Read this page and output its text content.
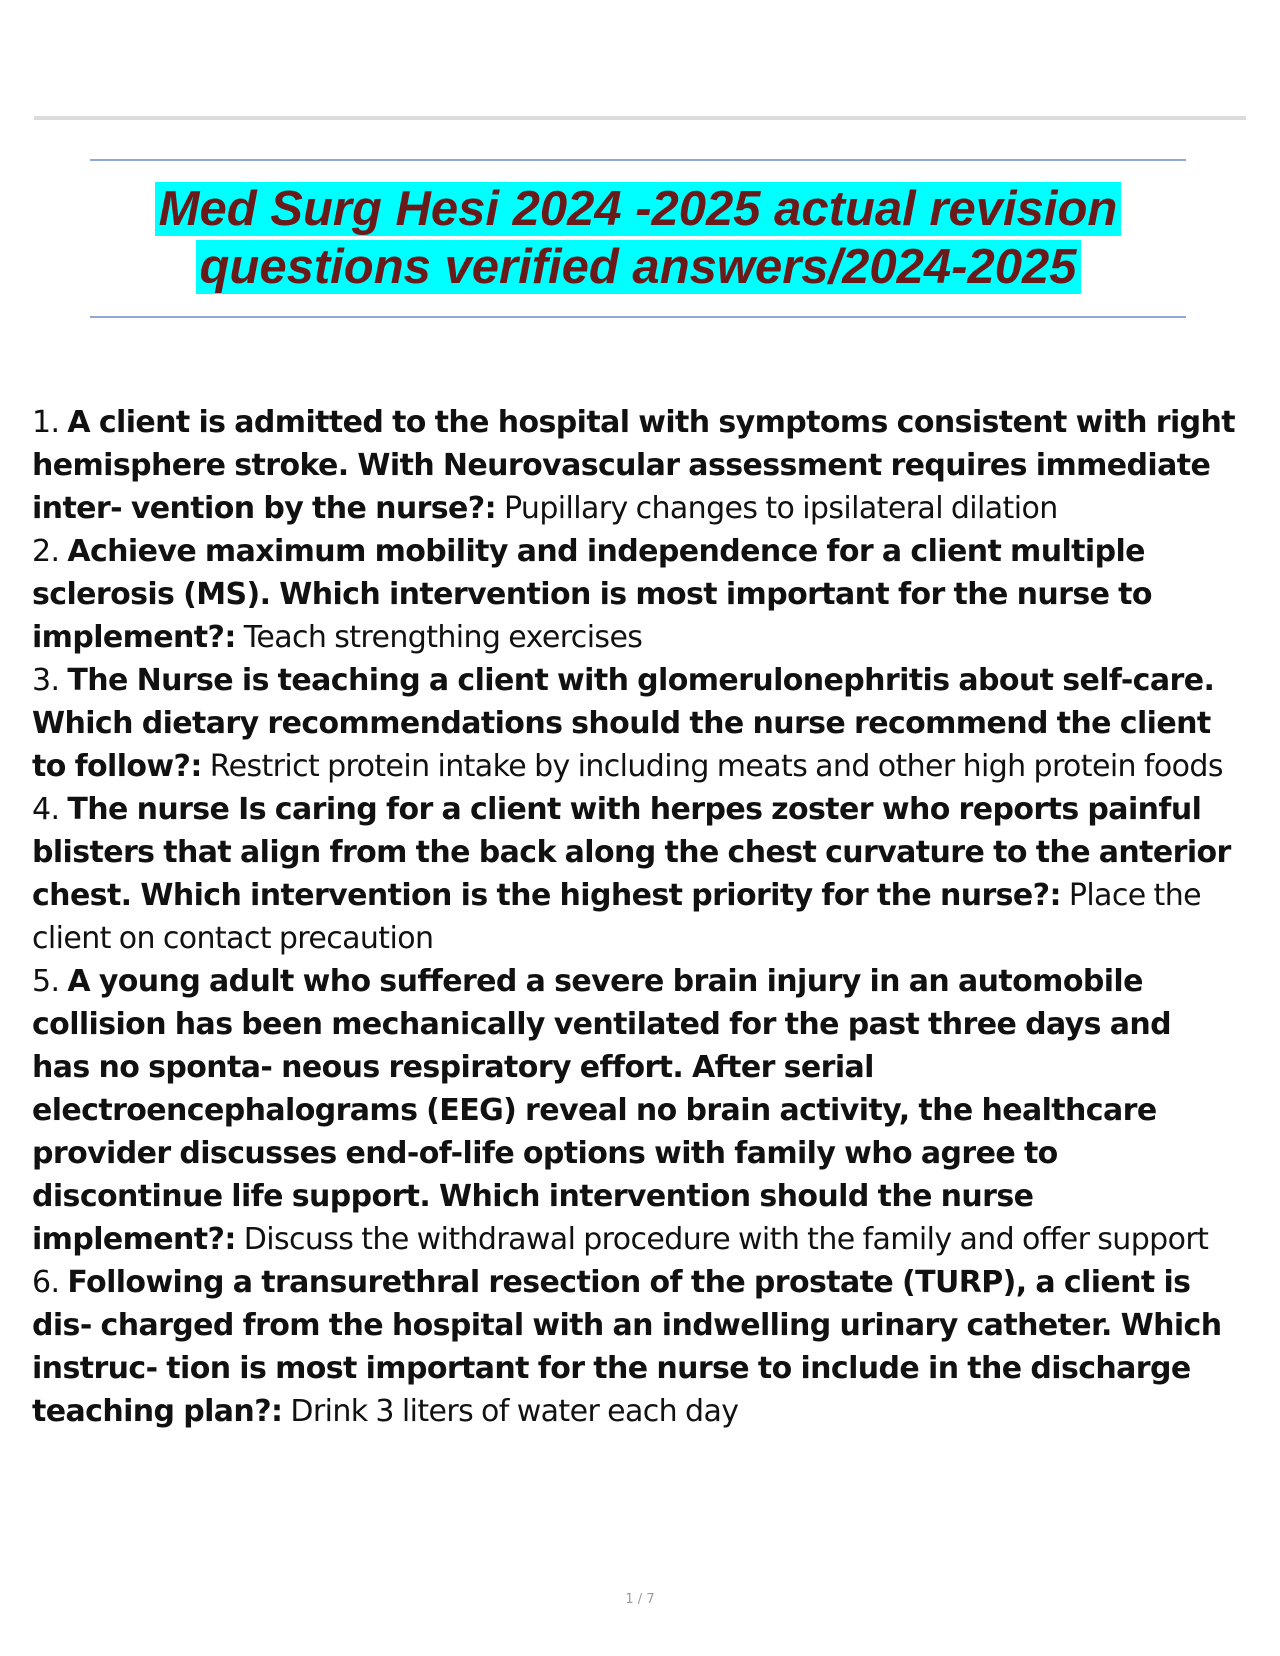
Med Surg Hesi 2024 -2025 actual revision
questions verified answers/2024-2025

1. A client is admitted to the hospital with symptoms consistent with right hemisphere stroke. With Neurovascular assessment requires immediate inter- vention by the nurse?: Pupillary changes to ipsilateral dilation

2. Achieve maximum mobility and independence for a client multiple sclerosis (MS). Which intervention is most important for the nurse to implement?: Teach strengthing exercises

3. The Nurse is teaching a client with glomerulonephritis about self-care. Which dietary recommendations should the nurse recommend the client to follow?: Restrict protein intake by including meats and other high protein foods

4. The nurse Is caring for a client with herpes zoster who reports painful blisters that align from the back along the chest curvature to the anterior chest. Which intervention is the highest priority for the nurse?: Place the client on contact precaution

5. A young adult who suffered a severe brain injury in an automobile collision has been mechanically ventilated for the past three days and has no sponta- neous respiratory effort. After serial electroencephalograms (EEG) reveal no brain activity, the healthcare provider discusses end-of-life options with family who agree to discontinue life support. Which intervention should the nurse implement?: Discuss the withdrawal procedure with the family and offer support

6. Following a transurethral resection of the prostate (TURP), a client is dis- charged from the hospital with an indwelling urinary catheter. Which instruc- tion is most important for the nurse to include in the discharge teaching plan?: Drink 3 liters of water each day

1 / 7
